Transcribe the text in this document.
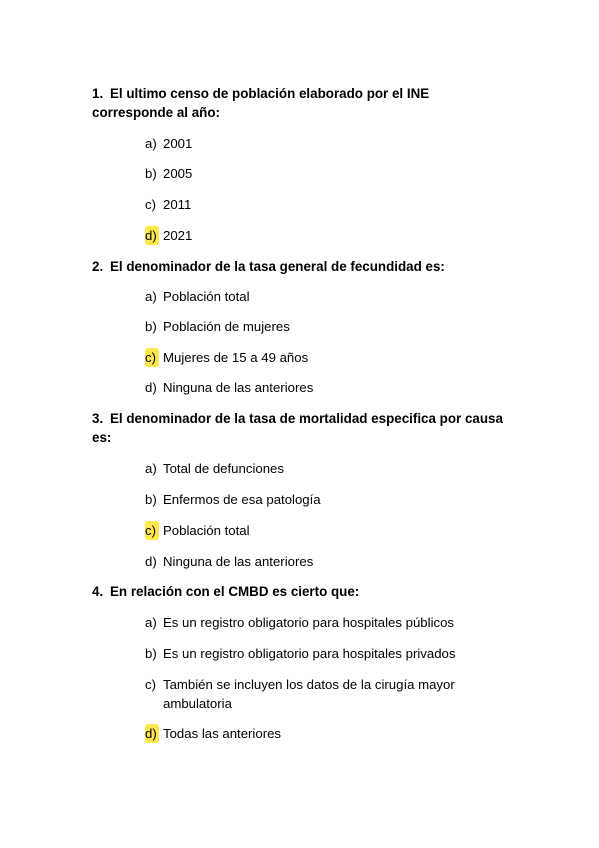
1. El ultimo censo de población elaborado por el INE
corresponde al año:
a) 2001
b) 2005
c) 2011
d) 2021
2. El denominador de la tasa general de fecundidad es:
a) Población total
b) Población de mujeres
c) Mujeres de 15 a 49 años
d) Ninguna de las anteriores
3. El denominador de la tasa de mortalidad especifica por causa
es:
a) Total de defunciones
b) Enfermos de esa patología
c) Población total
d) Ninguna de las anteriores
4. En relación con el CMBD es cierto que:
a) Es un registro obligatorio para hospitales públicos
b) Es un registro obligatorio para hospitales privados
c) También se incluyen los datos de la cirugía mayor
ambulatoria
d) Todas las anteriores
